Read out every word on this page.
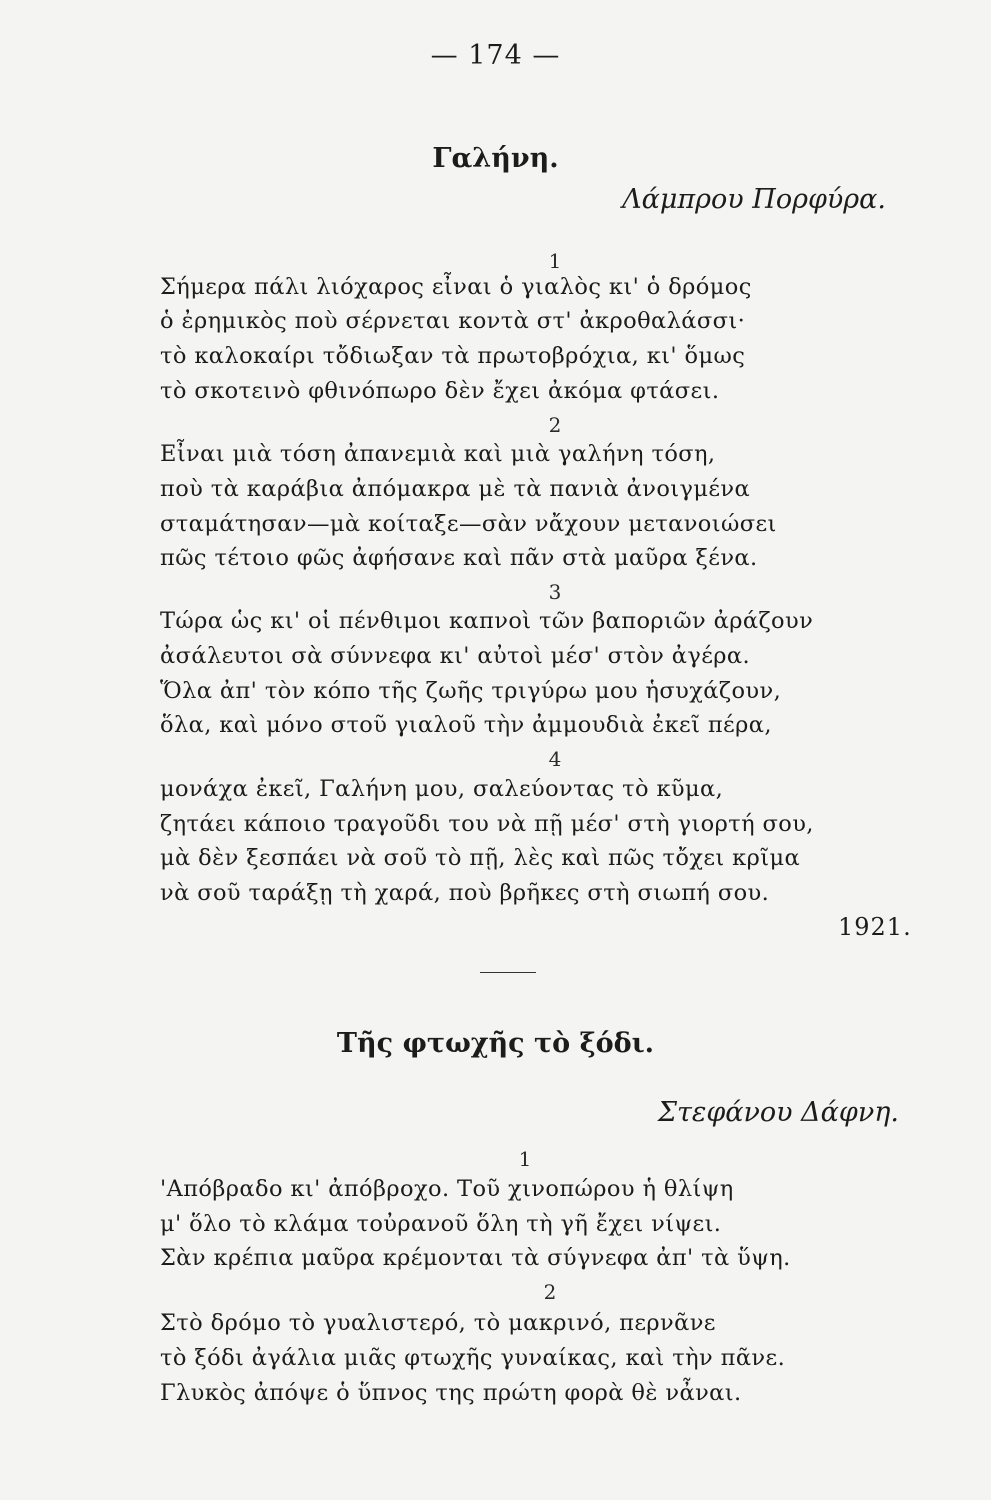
— 174 —
Γαλήνη.
Λάμπρου Πορφύρα.
1
Σήμερα πάλι λιόχαρος εἶναι ὁ γιαλὸς κι' ὁ δρόμος
ὁ ἐρημικὸς ποὺ σέρνεται κοντὰ στ' ἀκροθαλάσσι·
τὸ καλοκαίρι τὄδιωξαν τὰ πρωτοβρόχια, κι' ὅμως
τὸ σκοτεινὸ φθινόπωρο δὲν ἔχει ἀκόμα φτάσει.
2
Εἶναι μιὰ τόση ἀπανεμιὰ καὶ μιὰ γαλήνη τόση,
ποὺ τὰ καράβια ἀπόμακρα μὲ τὰ πανιὰ ἀνοιγμένα
σταμάτησαν—μὰ κοίταξε—σὰν νἄχουν μετανοιώσει
πῶς τέτοιο φῶς ἀφήσανε καὶ πᾶν στὰ μαῦρα ξένα.
3
Τώρα ὡς κι' οἱ πένθιμοι καπνοὶ τῶν βαποριῶν ἀράζουν
ἀσάλευτοι σὰ σύννεφα κι' αὐτοὶ μέσ' στὸν ἀγέρα.
Ὅλα ἀπ' τὸν κόπο τῆς ζωῆς τριγύρω μου ἡσυχάζουν,
ὅλα, καὶ μόνο στοῦ γιαλοῦ τὴν ἀμμουδιὰ ἐκεῖ πέρα,
4
μονάχα ἐκεῖ, Γαλήνη μου, σαλεύοντας τὸ κῦμα,
ζητάει κάποιο τραγοῦδι του νὰ πῇ μέσ' στὴ γιορτή σου,
μὰ δὲν ξεσπάει νὰ σοῦ τὸ πῇ, λὲς καὶ πῶς τὄχει κρῖμα
νὰ σοῦ ταράξῃ τὴ χαρά, ποὺ βρῆκες στὴ σιωπή σου.
1921.
Τῆς φτωχῆς τὸ ξόδι.
Στεφάνου Δάφνη.
1
'Απόβραδο κι' ἀπόβροχο. Τοῦ χινοπώρου ἡ θλίψη
μ' ὅλο τὸ κλάμα τοὐρανοῦ ὅλη τὴ γῆ ἔχει νίψει.
Σὰν κρέπια μαῦρα κρέμονται τὰ σύγνεφα ἀπ' τὰ ὕψη.
2
Στὸ δρόμο τὸ γυαλιστερό, τὸ μακρινό, περνᾶνε
τὸ ξόδι ἀγάλια μιᾶς φτωχῆς γυναίκας, καὶ τὴν πᾶνε.
Γλυκὸς ἀπόψε ὁ ὕπνος της πρώτη φορὰ θὲ νἆναι.
